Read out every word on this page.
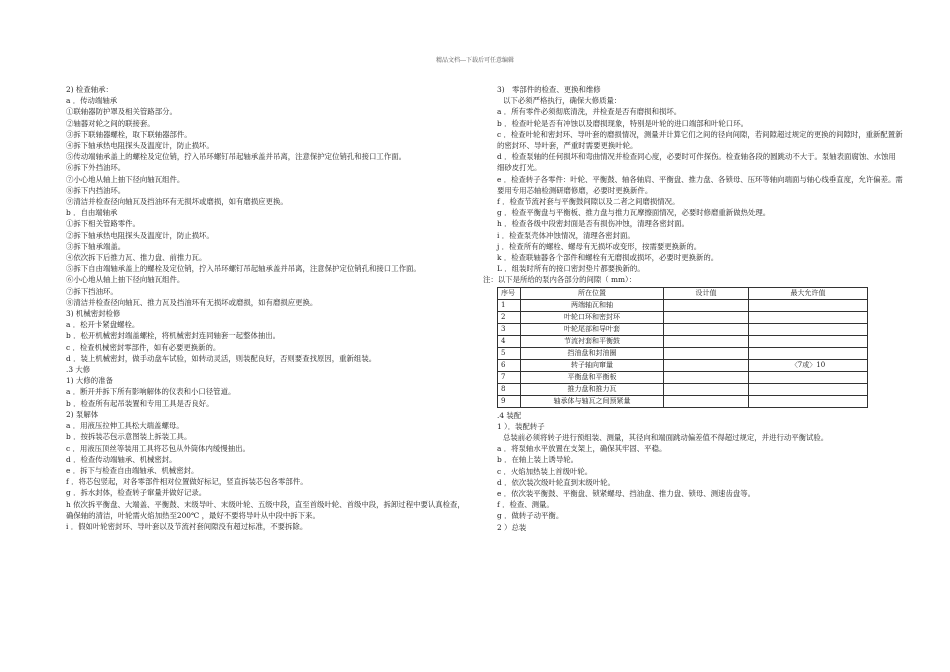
精品文档---下载后可任意编辑
2) 检查轴承：
a ．传动端轴承
①联轴器防护罩及相关管路部分。
②轴器对轮之间的联接套。
③拆下联轴器螺栓，取下联轴器部件。
④拆下轴承热电阻探头及温度计，防止损坏。
⑤传动端轴承盖上的螺栓及定位销，拧入吊环螺钉吊起轴承盖并吊离，注意保护定位销孔和接口工作面。
⑥拆下外挡油环。
⑦小心地从轴上抽下径向轴瓦组件。
⑧拆下内挡油环。
⑨清洁并检查径向轴瓦及挡油环有无损坏或磨损，如有磨损应更换。
b ．自由端轴承
①拆下相关管路零件。
②拆下轴承热电阻探头及温度计，防止损坏。
③拆下轴承端盖。
④依次拆下后推力瓦、推力盘、前推力瓦。
⑤拆下自由端轴承盖上的螺栓及定位销，拧入吊环螺钉吊起轴承盖并吊离，注意保护定位销孔和接口工作面。
⑥小心地从轴上抽下径向轴瓦组件。
⑦拆下挡油环。
⑧清洁并检查径向轴瓦、推力瓦及挡油环有无损坏或磨损，如有磨损应更换。
3) 机械密封检修
a ．松开卡紧盘螺栓。
b ．松开机械密封端盖螺栓，将机械密封连同轴套一起整体抽出。
c ．检查机械密封零部件，如有必要更换新的。
d ．装上机械密封，做手动盘车试验，如转动灵活，则装配良好，否则要查找原因，重新组装。
.3 大修
1) 大修的准备
a ．断开并拆下所有影响解体的仪表和小口径管道。
b ．检查所有起吊装置和专用工具是否良好。
2) 泵解体
a ．用液压拉伸工具松大端盖螺母。
b ．按拆装芯包示意图装上拆装工具。
c ．用液压顶丝等装用工具将芯包从外筒体内缓慢抽出。
d ．检查传动端轴承、机械密封。
e ．拆下与检查自由端轴承、机械密封。
f ．将芯包竖起，对各零部件相对位置做好标记，竖直拆装芯包各零部件。
g ．拆水封体，检查转子窜量并做好记录。
h 依次拆平衡盘、大端盖、平衡鼓、末级导叶、末级叶轮、五级中段，直至首级叶轮、首级中段，拆卸过程中要认真检查，确保轴的清洁，叶轮需火焰加热至200℃ ，最好不要将导叶从中段中拆下来。
i ．假如叶轮密封环、导叶套以及节流衬套间隙没有超过标准，不要拆除。
3)　零部件的检查、更换和维修
以下必须严格执行，确保大修质量：
a ．所有零件必须彻底清洗，并检查是否有磨损和损坏。
b ．检查叶轮是否有冲蚀以及磨损现象，特别是叶轮的进口端部和叶轮口环。
c ．检查叶轮和密封环、导叶套的磨损情况，测量并计算它们之间的径向间隙，若间隙超过规定的更换的间隙时，重新配置新的密封环、导叶套，严重时需要更换叶轮。
d ．检查泵轴的任何损坏和弯曲情况并检查同心度，必要时可作探伤。检查轴各段的圆跳动不大于。泵轴表面腐蚀、水蚀用细砂皮打光。
e ．检查转子各零件：叶轮、平衡鼓、轴各轴肩、平衡盘、推力盘、各锁母、压环等轴向端面与轴心线垂直度，允许偏差。需要用专用芯轴检测研磨修磨，必要时更换新件。
f ．检查节流衬套与平衡鼓间隙以及二者之间磨损情况。
g ．检查平衡盘与平衡板、推力盘与推力瓦摩擦面情况，必要时修磨重新做热处理。
h ．检查各级中段密封面是否有损伤冲蚀，清理各密封面。
i ．检查泵壳体冲蚀情况，清理各密封面。
j ．检查所有的螺栓、螺母有无损坏或变形，按需要更换新的。
k ．检查联轴器各个部件和螺栓有无磨损或损坏，必要时更换新的。
L ．组装时所有的接口密封垫片都要换新的。
注：以下是所给的泵内各部分的间隙（ mm）：
序号	所在位置	设计值	最大允许值
1	两端轴瓦和轴		
2	叶轮口环和密封环		
3	叶轮尾部和导叶套		
4	节流衬套和平衡鼓		
5	挡油盘和封油圈		
6	转子轴向窜量		〈7或〉10
7	平衡盘和平衡板		
8	推力盘和推力瓦		
9	轴承体与轴瓦之间预紧量		
.4 装配
1 ）．装配转子
总装前必须将转子进行预组装、测量，其径向和端面跳动偏差值不得超过规定，并进行动平衡试验。
a ．将泵轴水平放置在支架上，确保其牢固、平稳。
b ．在轴上装上诱导轮。
c ．火焰加热装上首级叶轮。
d ．依次装次级叶轮直到末级叶轮。
e ．依次装平衡鼓、平衡盘、锁紧螺母、挡油盘、推力盘、锁母、测速齿盘等。
f ．检查、测量。
g ．做转子动平衡。
2 ）总装
